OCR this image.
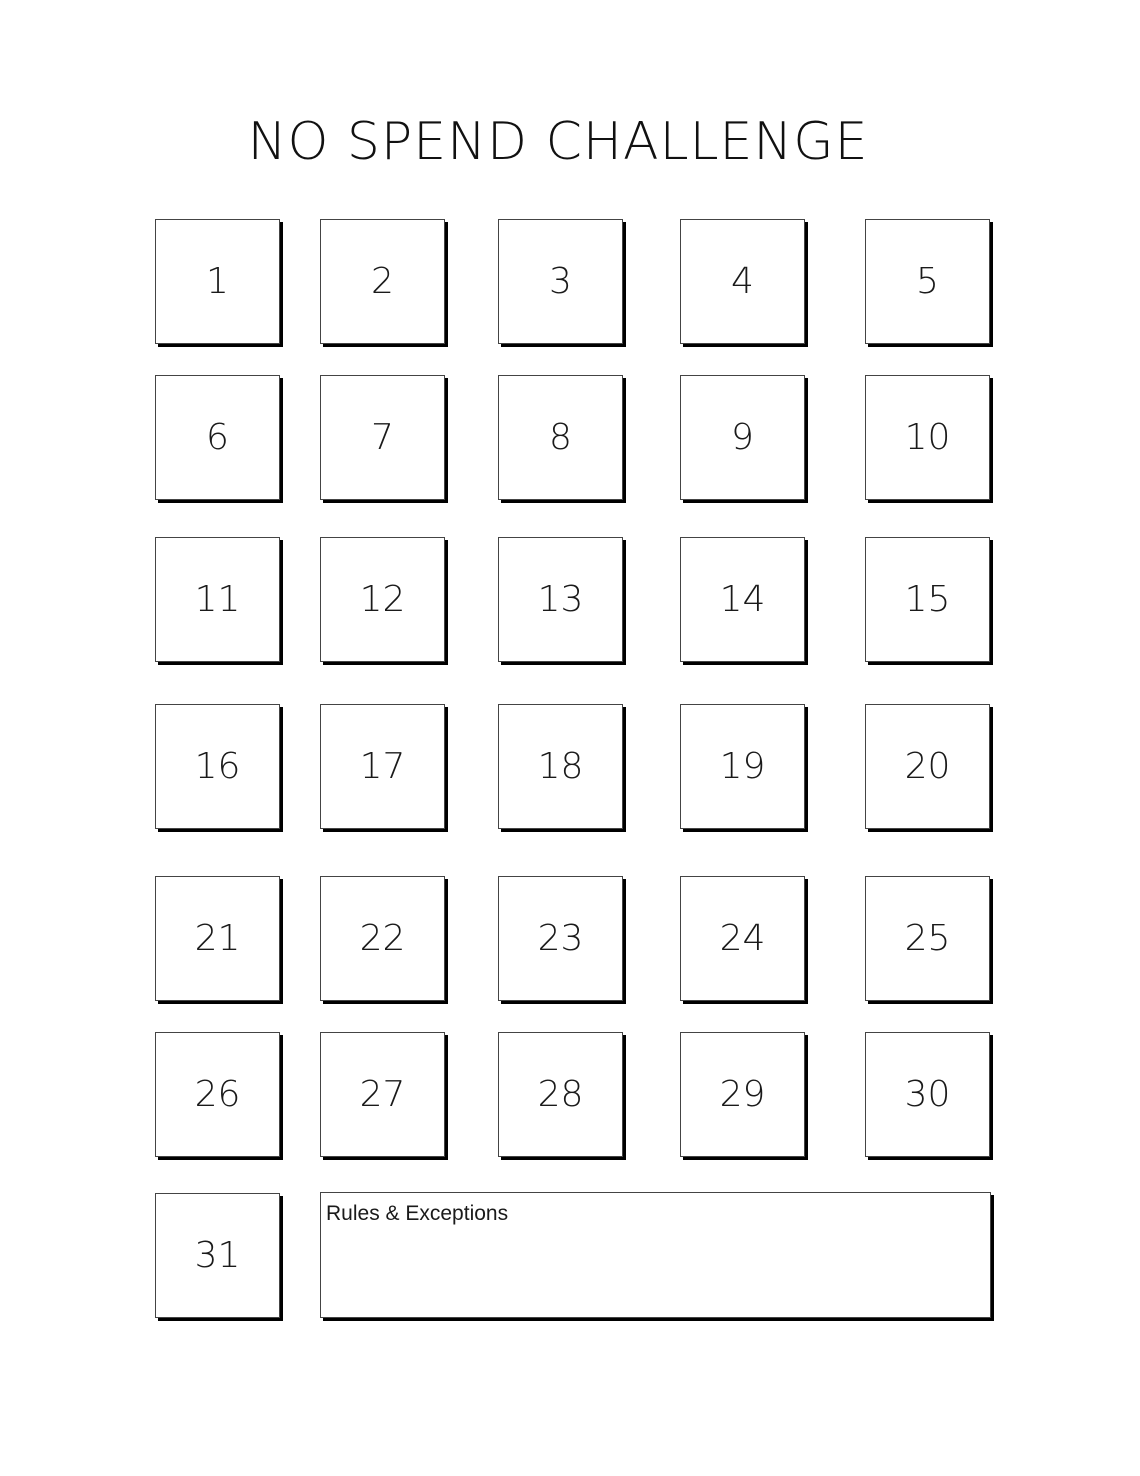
NO SPEND CHALLENGE
1	2	3	4	5
6	7	8	9	10
11	12	13	14	15
16	17	18	19	20
21	22	23	24	25
26	27	28	29	30
31
Rules & Exceptions
